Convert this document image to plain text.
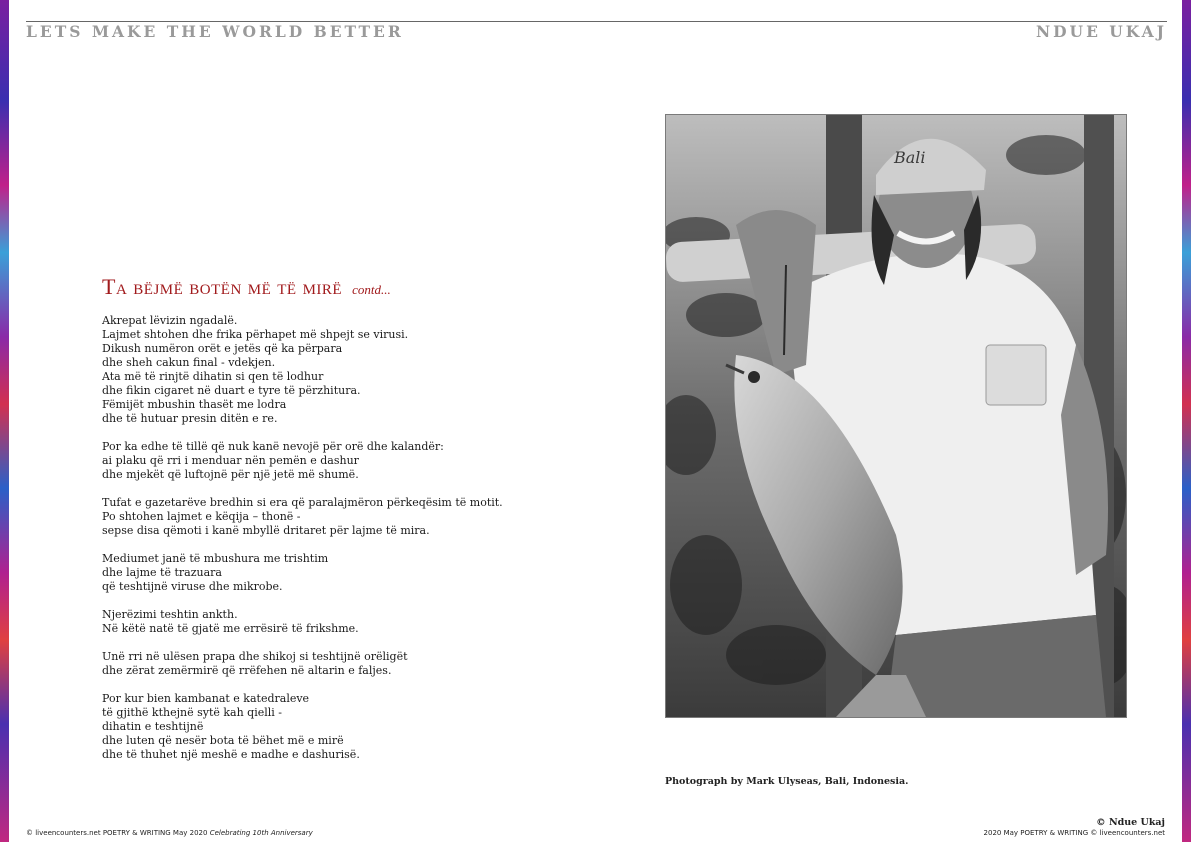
LETS MAKE THE WORLD BETTER	NDUE UKAJ
Ta bëjmë botën më të mirë contd...
Akrepat lëvizin ngadalë.
Lajmet shtohen dhe frika përhapet më shpejt se virusi.
Dikush numëron orët e jetës që ka përpara
dhe sheh cakun final - vdekjen.
Ata më të rinjtë dihatin si qen të lodhur
dhe fikin cigaret në duart e tyre të përzhitura.
Fëmijët mbushin thasët me lodra
dhe të hutuar presin ditën e re.
Por ka edhe të tillë që nuk kanë nevojë për orë dhe kalandër:
ai plaku që rri i menduar nën pemën e dashur
dhe mjekët që luftojnë për një jetë më shumë.
Tufat e gazetarëve bredhin si era që paralajmëron përkeqësim të motit.
Po shtohen lajmet e këqija – thonë -
sepse disa qëmoti i kanë mbyllë dritaret për lajme të mira.
Mediumet janë të mbushura me trishtim
dhe lajme të trazuara
që teshtijnë viruse dhe mikrobe.
Njerëzimi teshtin ankth.
Në këtë natë të gjatë me errësirë të frikshme.
Unë rri në ulësen prapa dhe shikoj si teshtijnë orëligët
dhe zërat zemërmirë që rrëfehen në altarin e faljes.
Por kur bien kambanat e katedraleve
të gjithë kthejnë sytë kah qielli -
dihatin e teshtijnë
dhe luten që nesër bota të bëhet më e mirë
dhe të thuhet një meshë e madhe e dashurisë.
Bali
Photograph by Mark Ulyseas, Bali, Indonesia.
© Ndue Ukaj
© liveencounters.net POETRY & WRITING May 2020 Celebrating 10th Anniversary	2020 May POETRY & WRITING © liveencounters.net
